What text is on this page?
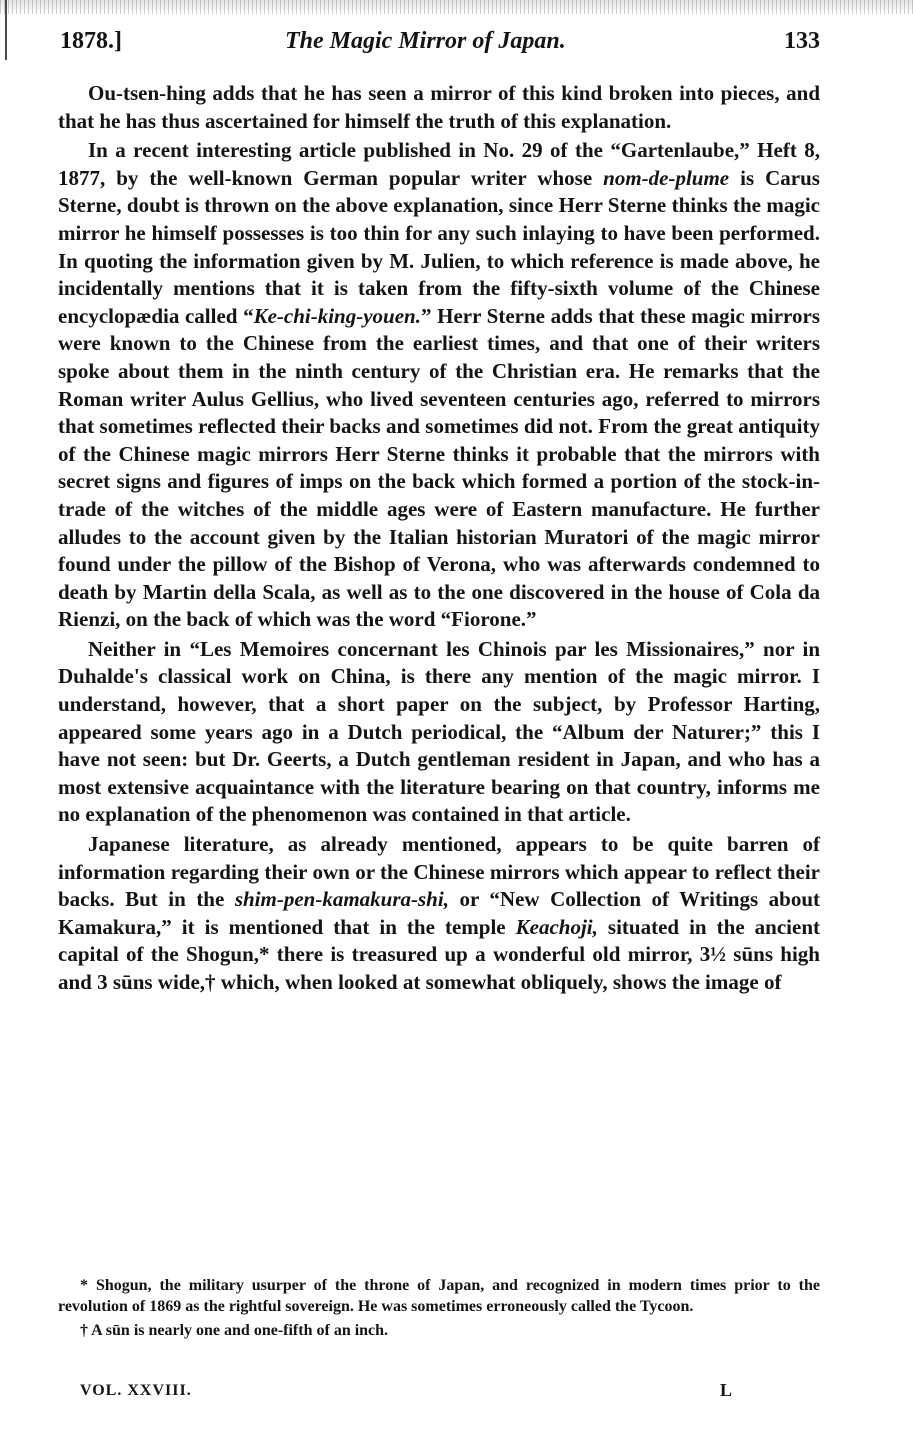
1878.]	The Magic Mirror of Japan.	133

Ou-tsen-hing adds that he has seen a mirror of this kind broken into pieces, and that he has thus ascertained for himself the truth of this explanation.

In a recent interesting article published in No. 29 of the “Gartenlaube,” Heft 8, 1877, by the well-known German popular writer whose nom-de-plume is Carus Sterne, doubt is thrown on the above explanation, since Herr Sterne thinks the magic mirror he himself possesses is too thin for any such inlaying to have been performed. In quoting the information given by M. Julien, to which reference is made above, he incidentally mentions that it is taken from the fifty-sixth volume of the Chinese encyclopædia called “Ke-chi-king-youen.” Herr Sterne adds that these magic mirrors were known to the Chinese from the earliest times, and that one of their writers spoke about them in the ninth century of the Christian era. He remarks that the Roman writer Aulus Gellius, who lived seventeen centuries ago, referred to mirrors that sometimes reflected their backs and sometimes did not. From the great antiquity of the Chinese magic mirrors Herr Sterne thinks it probable that the mirrors with secret signs and figures of imps on the back which formed a portion of the stock-in-trade of the witches of the middle ages were of Eastern manufacture. He further alludes to the account given by the Italian historian Muratori of the magic mirror found under the pillow of the Bishop of Verona, who was afterwards condemned to death by Martin della Scala, as well as to the one discovered in the house of Cola da Rienzi, on the back of which was the word “Fiorone.”

Neither in “Les Memoires concernant les Chinois par les Missionaires,” nor in Duhalde's classical work on China, is there any mention of the magic mirror. I understand, however, that a short paper on the subject, by Professor Harting, appeared some years ago in a Dutch periodical, the “Album der Naturer;” this I have not seen: but Dr. Geerts, a Dutch gentleman resident in Japan, and who has a most extensive acquaintance with the literature bearing on that country, informs me no explanation of the phenomenon was contained in that article.

Japanese literature, as already mentioned, appears to be quite barren of information regarding their own or the Chinese mirrors which appear to reflect their backs. But in the shim-pen-kamakura-shi, or “New Collection of Writings about Kamakura,” it is mentioned that in the temple Keachoji, situated in the ancient capital of the Shogun,* there is treasured up a wonderful old mirror, 3½ sūns high and 3 sūns wide,† which, when looked at somewhat obliquely, shows the image of

* Shogun, the military usurper of the throne of Japan, and recognized in modern times prior to the revolution of 1869 as the rightful sovereign. He was sometimes erroneously called the Tycoon.

† A sūn is nearly one and one-fifth of an inch.

VOL. XXVIII.	L
